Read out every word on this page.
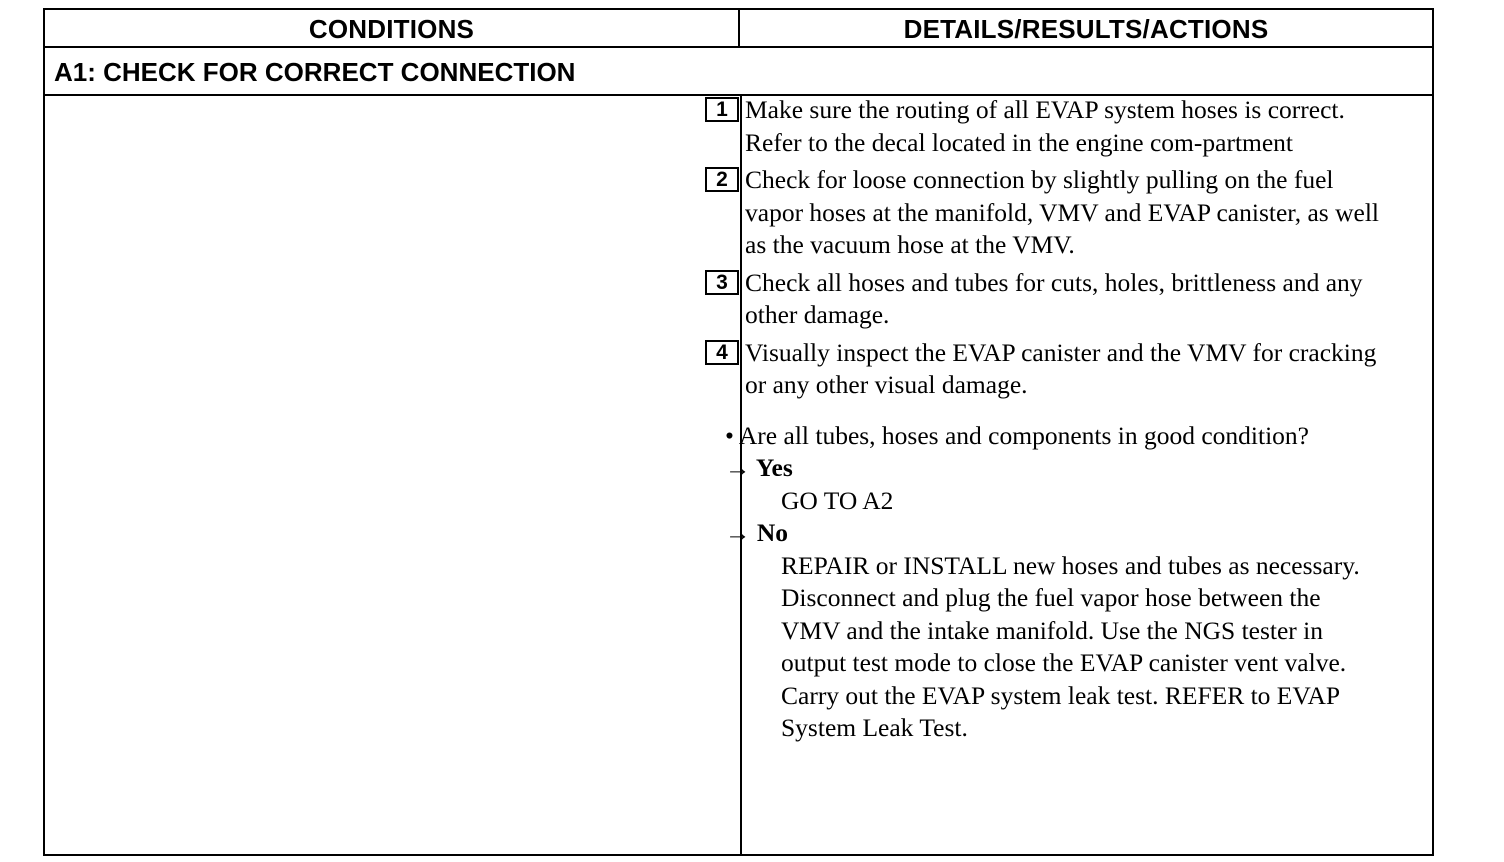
CONDITIONS	DETAILS/RESULTS/ACTIONS
A1: CHECK FOR CORRECT CONNECTION
1 Make sure the routing of all EVAP system hoses is correct. Refer to the decal located in the engine com-partment
2 Check for loose connection by slightly pulling on the fuel vapor hoses at the manifold, VMV and EVAP canister, as well as the vacuum hose at the VMV.
3 Check all hoses and tubes for cuts, holes, brittleness and any other damage.
4 Visually inspect the EVAP canister and the VMV for cracking or any other visual damage.
• Are all tubes, hoses and components in good condition?
→ Yes
GO TO A2
→ No
REPAIR or INSTALL new hoses and tubes as necessary. Disconnect and plug the fuel vapor hose between the VMV and the intake manifold. Use the NGS tester in output test mode to close the EVAP canister vent valve. Carry out the EVAP system leak test. REFER to EVAP System Leak Test.
